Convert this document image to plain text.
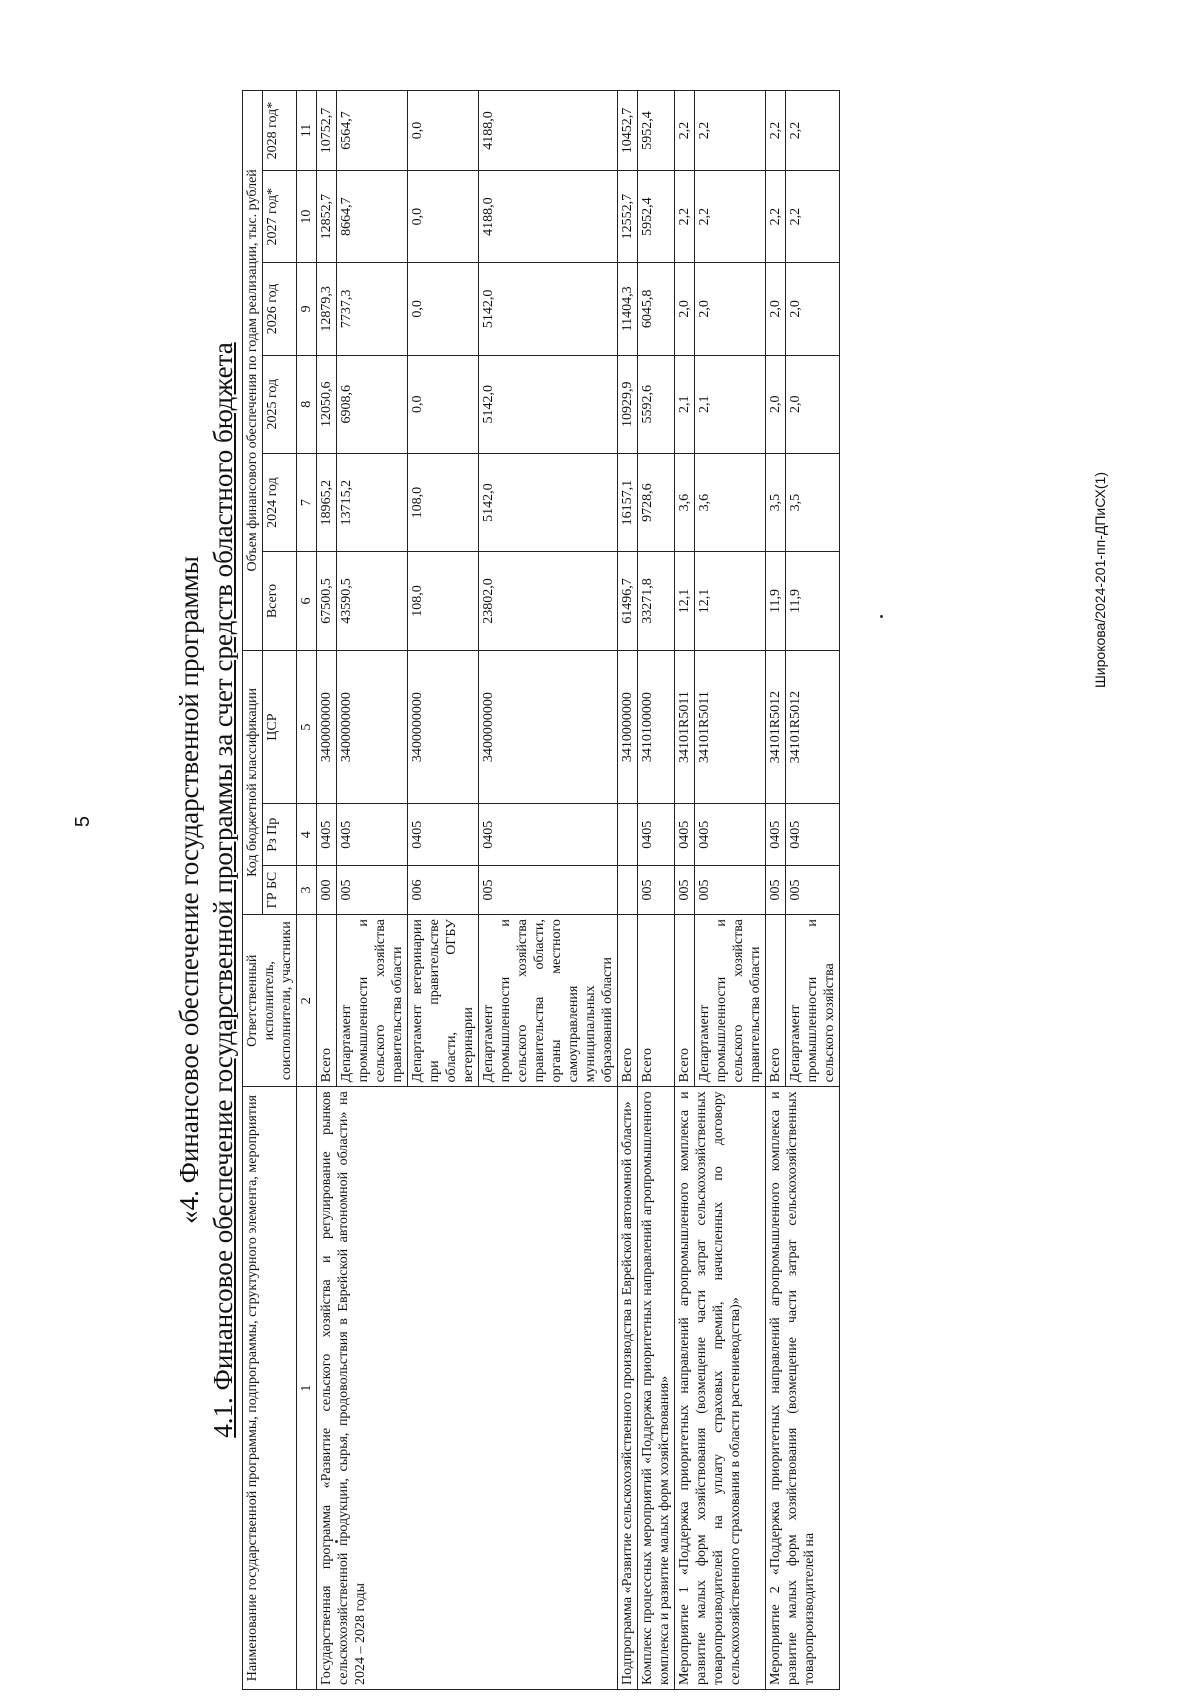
5
Широкова/2024-201-пп-ДПиСХ(1)
«4. Финансовое обеспечение государственной программы 4.1. Финансовое обеспечение государственной программы за счет средств областного бюджета Наименование государственной программы, подпрограммы, структурного элемента, мероприятия	Ответственный исполнитель, соисполнители, участники	Код бюджетной классификации			Объем финансового обеспечения по годам реализации, тыс. рублей					
		ГР БС	Рз Пр	ЦСР	Всего	2024 год	2025 год	2026 год	2027 год*	2028 год*

1	2	3	4	5	6	7	8	9	10	11
Государственная программа «Развитие сельского хозяйства и регулирование рынков сельскохозяйственной продукции, сырья, продовольствия в Еврейской автономной области» на 2024 – 2028 годы	Всего	000	0405	3400000000	67500,5	18965,2	12050,6	12879,3	12852,7	10752,7
	Департамент промышленности и сельского хозяйства правительства области	005	0405	3400000000	43590,5	13715,2	6908,6	7737,3	8664,7	6564,7
	Департамент ветеринарии при правительстве области, ОГБУ ветеринарии	006	0405	3400000000	108,0	108,0	0,0	0,0	0,0	0,0
	Департамент промышленности и сельского хозяйства правительства области, органы местного самоуправления муниципальных образований области	005	0405	3400000000	23802,0	5142,0	5142,0	5142,0	4188,0	4188,0
Подпрограмма «Развитие сельскохозяйственного производства в Еврейской автономной области»	Всего			3410000000	61496,7	16157,1	10929,9	11404,3	12552,7	10452,7
Комплекс процессных мероприятий «Поддержка приоритетных направлений агропромышленного комплекса и развитие малых форм хозяйствования»	Всего	005	0405	3410100000	33271,8	9728,6	5592,6	6045,8	5952,4	5952,4
Мероприятие 1 «Поддержка приоритетных направлений агропромышленного комплекса и развитие малых форм хозяйствования (возмещение части затрат сельскохозяйственных товаропроизводителей на уплату страховых премий, начисленных по договору сельскохозяйственного страхования в области растениеводства)»	Всего	005	0405	34101R5011	12,1	3,6	2,1	2,0	2,2	2,2
	Департамент промышленности и сельского хозяйства правительства области	005	0405	34101R5011	12,1	3,6	2,1	2,0	2,2	2,2
Мероприятие 2 «Поддержка приоритетных направлений агропромышленного комплекса и развитие малых форм хозяйствования (возмещение части затрат сельскохозяйственных товаропроизводителей на	Всего	005	0405	34101R5012	11,9	3,5	2,0	2,0	2,2	2,2
	Департамент промышленности и сельского хозяйства	005	0405	34101R5012	11,9	3,5	2,0	2,0	2,2	2,2
